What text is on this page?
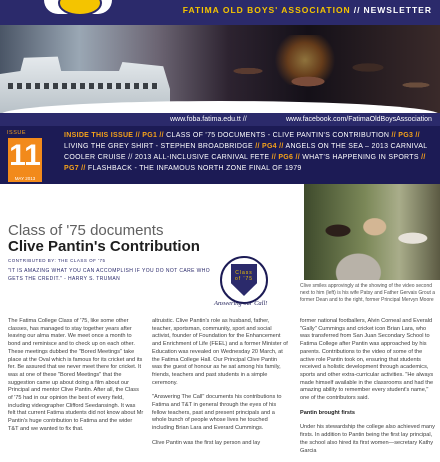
FATIMA OLD BOYS' ASSOCIATION // NEWSLETTER
www.foba.fatima.edu.tt //	www.facebook.com/FatimaOldBoysAssociation
ISSUE
11
MAY 2013
INSIDE THIS ISSUE // PG1 // CLASS OF '75 DOCUMENTS - CLIVE PANTIN'S CONTRIBUTION // PG3 // LIVING THE GREY SHIRT - STEPHEN BROADBRIDGE // PG4 // ANGELS ON THE SEA – 2013 CARNIVAL COOLER CRUISE // 2013 ALL-INCLUSIVE CARNIVAL FETE // PG6 // WHAT'S HAPPENING IN SPORTS // PG7 // FLASHBACK - THE INFAMOUS NORTH ZONE FINAL OF 1979
Class of '75 documents
Clive Pantin's Contribution
CONTRIBUTED BY: THE CLASS OF '75
"IT IS AMAZING WHAT YOU CAN ACCOMPLISH IF YOU DO NOT CARE WHO GETS THE CREDIT." - HARRY S. TRUMAN
Class of '75
Answering our Call!
Clive smiles approvingly at the showing of the video second next to him (left) is his wife Patsy and Father Gervais Grout a former Dean and to the right, former Principal Mervyn Moore

The Fatima College Class of '75, like some other classes, has managed to stay together years after leaving our alma mater. We meet once a month to bond and reminisce and to check up on each other. These meetings dubbed the "Bored Meetings" take place at the Oval which is famous for its cricket and its fer. Be assured that we never meet there for cricket. It was at one of these "Bored Meetings" that the suggestion came up about doing a film about our Principal and mentor Clive Pantin. After all, the Class of '75 had in our opinion the best of every field, including videographer Clifford Seedansingh. It was felt that current Fatima students did not know about Mr Pantin's huge contribution to Fatima and the wider T&T and we wanted to fix that.

altruistic. Clive Pantin's role as husband, father, teacher, sportsman, community, sport and social activist, founder of Foundation for the Enhancement and Enrichment of Life (FEEL) and a former Minister of Education was revealed on Wednesday 20 March, at the Fatima College Hall. Our Principal Clive Pantin was the guest of honour as he sat among his family, friends, teachers and past students in a simple ceremony.

"Answering The Call" documents his contributions to Fatima and T&T in general through the eyes of his fellow teachers, past and present principals and a whole bunch of people whose lives he touched including Brian Lara and Everard Cummings.

Clive Pantin was the first lay person and lay

former national footballers, Alvin Corneal and Everald "Gally" Cummings and cricket icon Brian Lara, who was transferred from San Juan Secondary School to Fatima College after Pantin was approached by his parents. Contributions to the video of some of the active role Pantin took on, ensuring that students received a holistic development through academics, sports and other extra-curricular activities. "He always made himself available in the classrooms and had the amazing ability to remember every student's name," one of the contributors said.

Pantin brought firsts

Under his stewardship the college also achieved many firsts. In addition to Pantin being the first lay principal, the school also hired its first women—secretary Kathy Garcia
